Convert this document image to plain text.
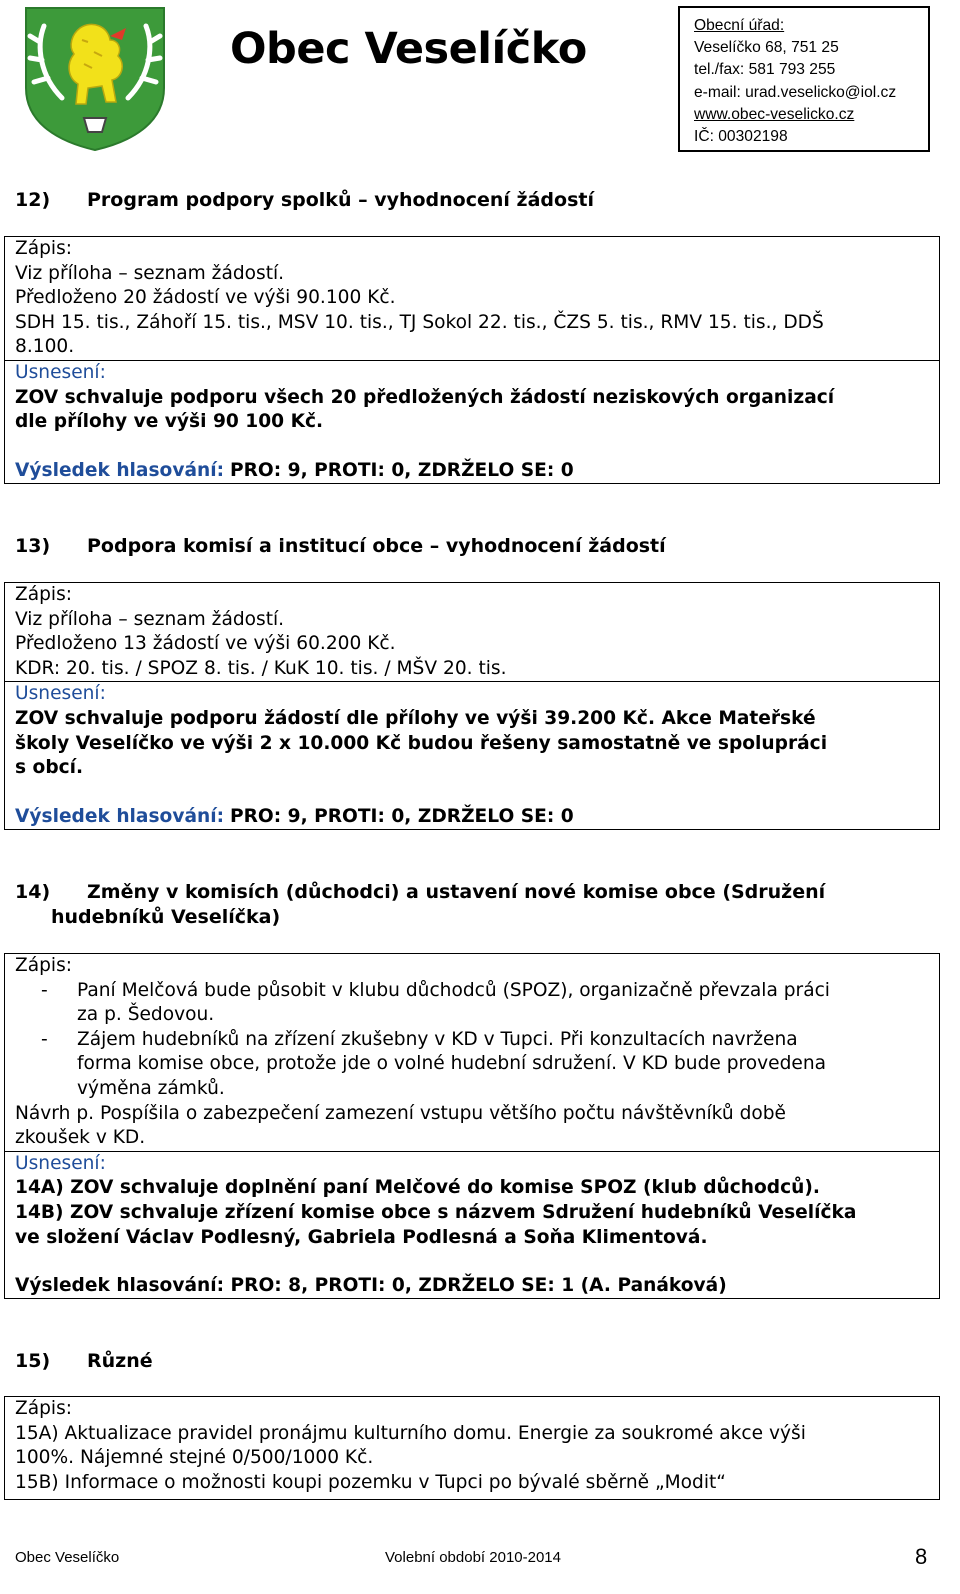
Obec Veselíčko	Obecní úřad:
Veselíčko 68, 751 25
tel./fax: 581 793 255
e-mail: urad.veselicko@iol.cz
www.obec-veselicko.cz
IČ: 00302198
12) Program podpory spolků – vyhodnocení žádostí
Zápis:
Viz příloha – seznam žádostí.
Předloženo 20 žádostí ve výši 90.100 Kč.
SDH 15. tis., Záhoří 15. tis., MSV 10. tis., TJ Sokol 22. tis., ČZS 5. tis., RMV 15. tis., DDŠ
8.100.
Usnesení:
ZOV schvaluje podporu všech 20 předložených žádostí neziskových organizací
dle přílohy ve výši 90 100 Kč.
Výsledek hlasování: PRO: 9, PROTI: 0, ZDRŽELO SE: 0
13) Podpora komisí a institucí obce – vyhodnocení žádostí
Zápis:
Viz příloha – seznam žádostí.
Předloženo 13 žádostí ve výši 60.200 Kč.
KDR: 20. tis. / SPOZ 8. tis. / KuK 10. tis. / MŠV 20. tis.
Usnesení:
ZOV schvaluje podporu žádostí dle přílohy ve výši 39.200 Kč. Akce Mateřské
školy Veselíčko ve výši 2 x 10.000 Kč budou řešeny samostatně ve spolupráci
s obcí.
Výsledek hlasování: PRO: 9, PROTI: 0, ZDRŽELO SE: 0
14) Změny v komisích (důchodci) a ustavení nové komise obce (Sdružení
hudebníků Veselíčka)
Zápis:
-	Paní Melčová bude působit v klubu důchodců (SPOZ), organizačně převzala práci
za p. Šedovou.
-	Zájem hudebníků na zřízení zkušebny v KD v Tupci. Při konzultacích navržena
forma komise obce, protože jde o volné hudební sdružení. V KD bude provedena
výměna zámků.
Návrh p. Pospíšila o zabezpečení zamezení vstupu většího počtu návštěvníků době
zkoušek v KD.
Usnesení:
14A) ZOV schvaluje doplnění paní Melčové do komise SPOZ (klub důchodců).
14B) ZOV schvaluje zřízení komise obce s názvem Sdružení hudebníků Veselíčka
ve složení Václav Podlesný, Gabriela Podlesná a Soňa Klimentová.
Výsledek hlasování: PRO: 8, PROTI: 0, ZDRŽELO SE: 1 (A. Panáková)
15) Různé
Zápis:
15A) Aktualizace pravidel pronájmu kulturního domu. Energie za soukromé akce výši
100%. Nájemné stejné 0/500/1000 Kč.
15B) Informace o možnosti koupi pozemku v Tupci po bývalé sběrně „Modit“
Obec Veselíčko	Volební období 2010-2014	8
